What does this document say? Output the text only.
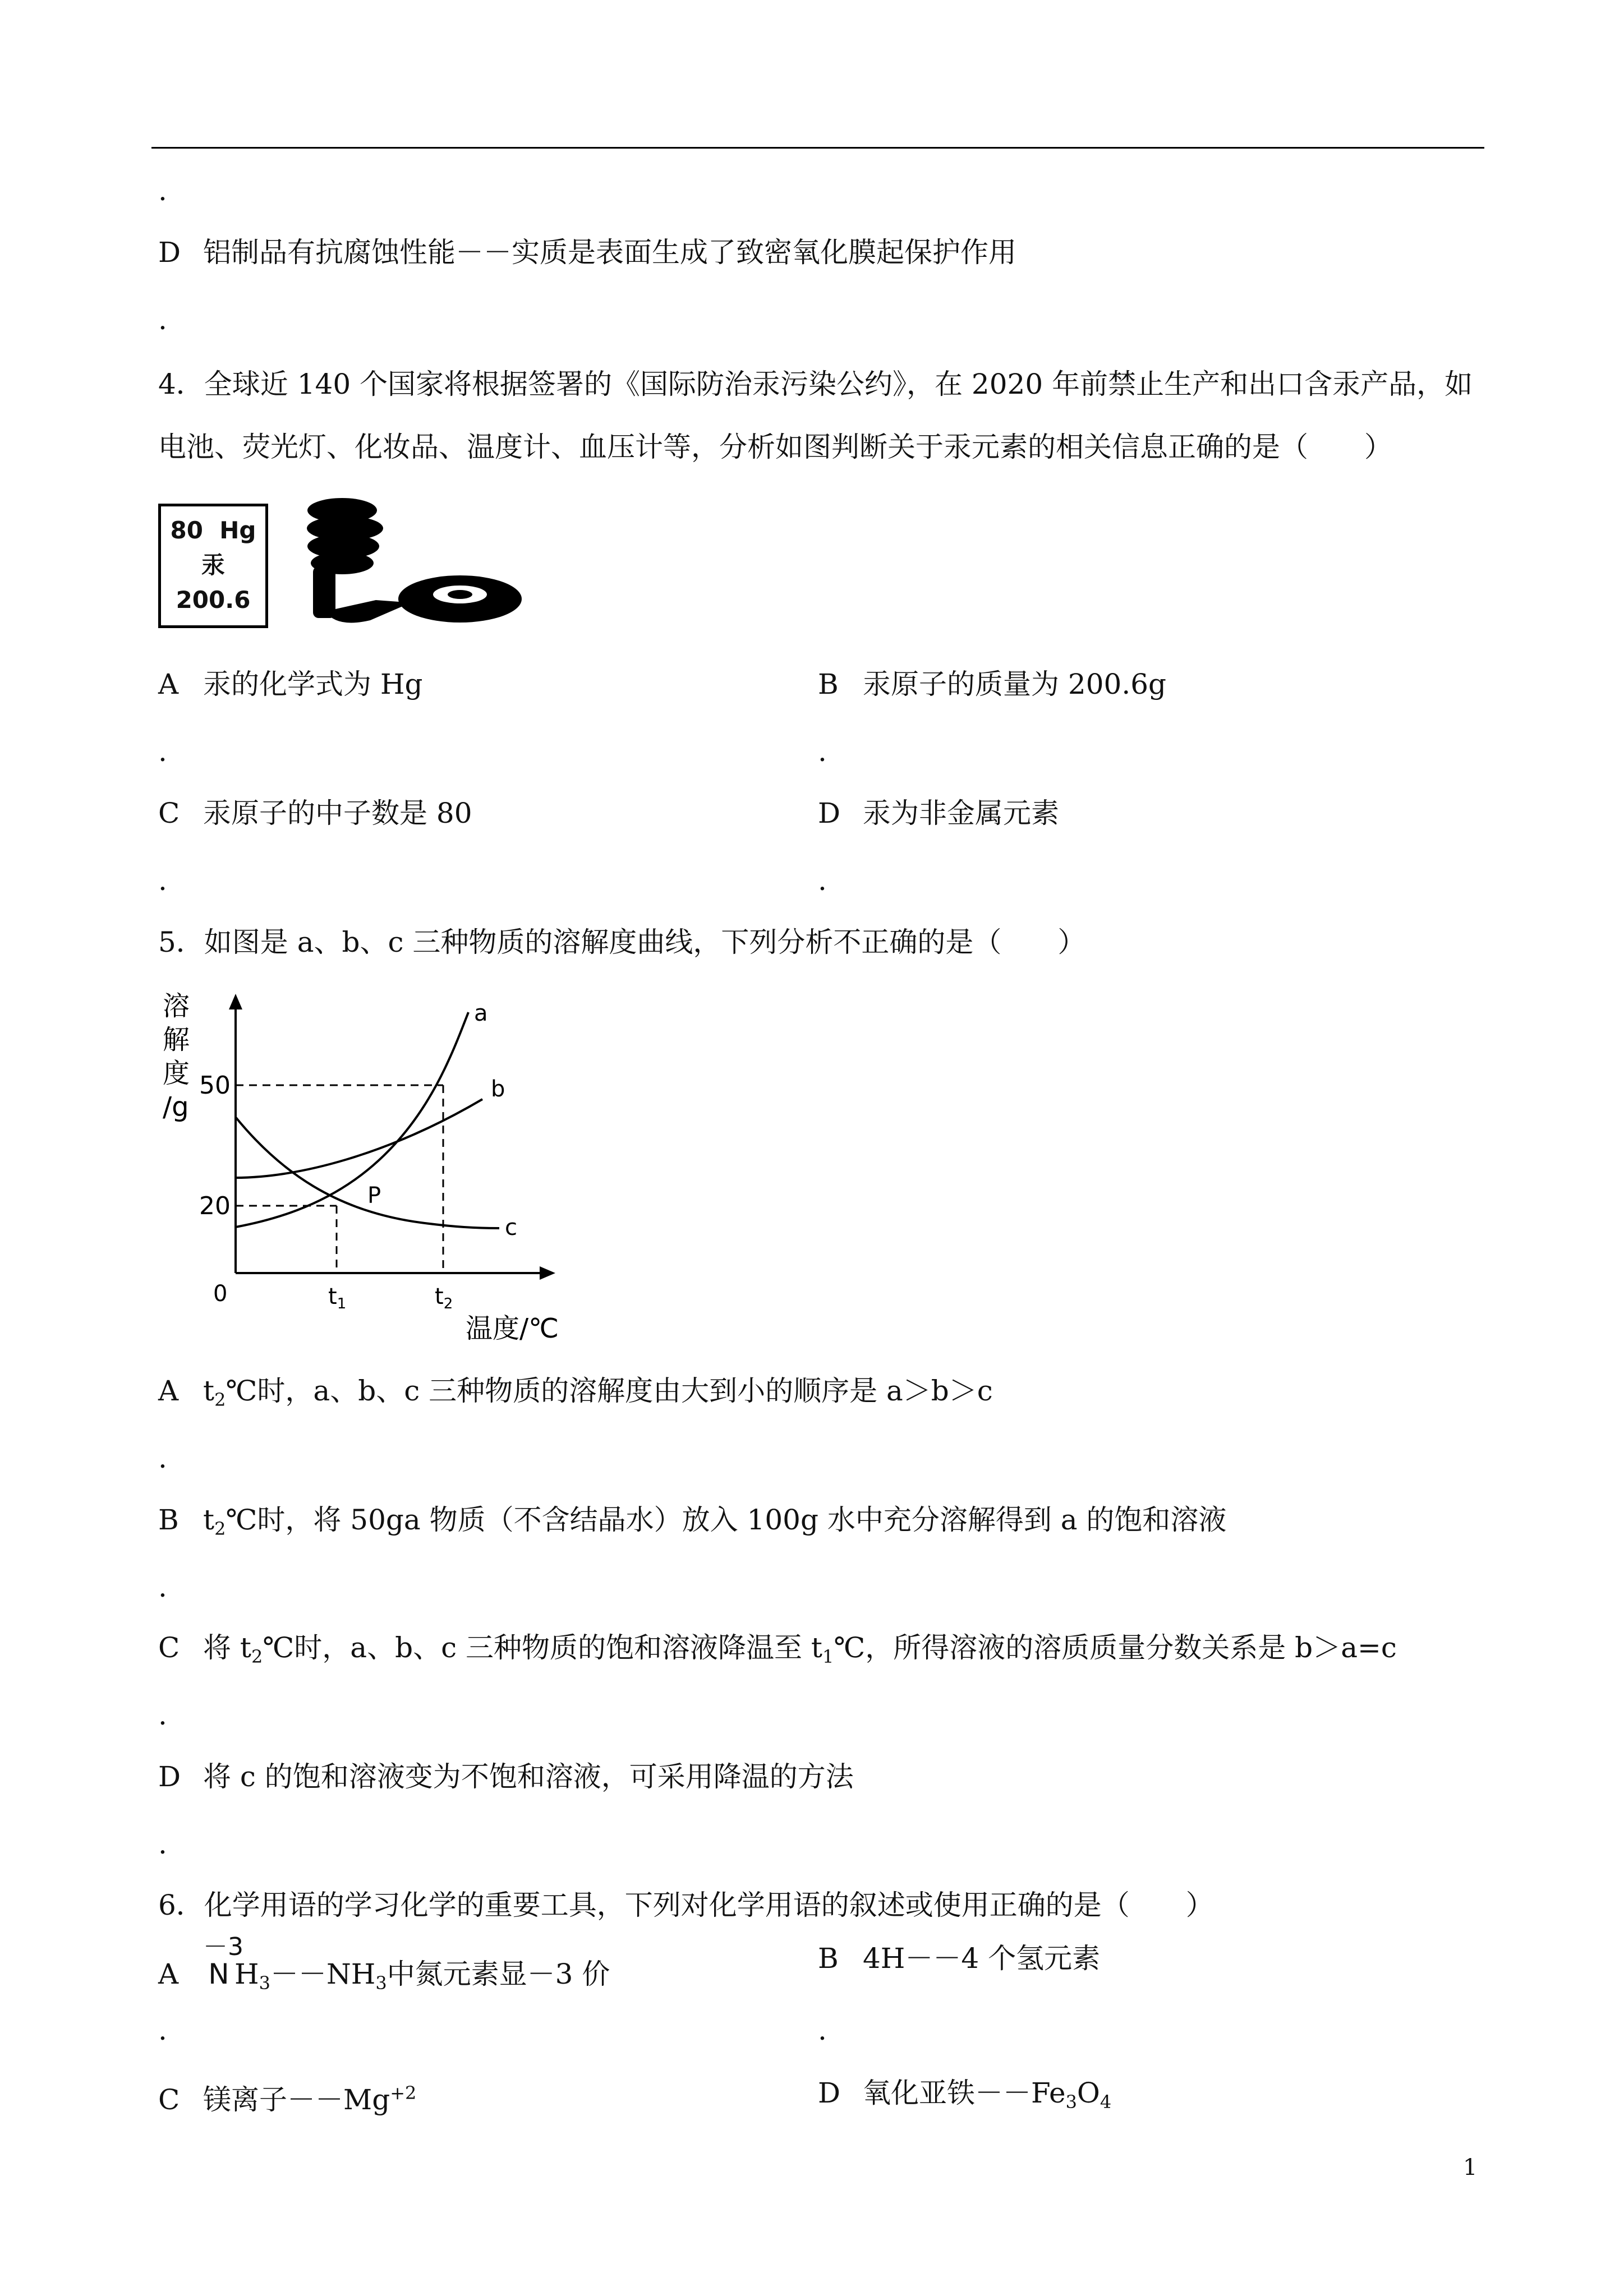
.
D 铝制品有抗腐蚀性能－－实质是表面生成了致密氧化膜起保护作用
.
4．全球近 140 个国家将根据签署的《国际防治汞污染公约》，在 2020 年前禁止生产和出口含汞产品，如
电池、荧光灯、化妆品、温度计、血压计等，分析如图判断关于汞元素的相关信息正确的是（　　）
80 Hg
汞
200.6
A 汞的化学式为 Hg	B 汞原子的质量为 200.6g
.	.
C 汞原子的中子数是 80	D 汞为非金属元素
.	.
5．如图是 a、b、c 三种物质的溶解度曲线，下列分析不正确的是（　　）
溶
解
度
/g
50
20
0	$t_1$	$t_2$
温度/℃
P
a
b
c
A $t_2℃$时，a、b、c 三种物质的溶解度由大到小的顺序是 a＞b＞c
.
B $t_2℃$时，将 50ga 物质（不含结晶水）放入 100g 水中充分溶解得到 a 的饱和溶液
.
C 将 $t_2℃$时，a、b、c 三种物质的饱和溶液降温至 $t_1℃$，所得溶液的溶质质量分数关系是 b＞a=c
.
D 将 c 的饱和溶液变为不饱和溶液，可采用降温的方法
.
6．化学用语的学习化学的重要工具，下列对化学用语的叙述或使用正确的是（　　）
A
－3
N $H_3--NH_3$中氮元素显－3 价	B 4H－－4 个氢元素
.	.
C 镁离子$--Mg^{+2}$	D 氧化亚铁$--Fe_3O_4$
1
